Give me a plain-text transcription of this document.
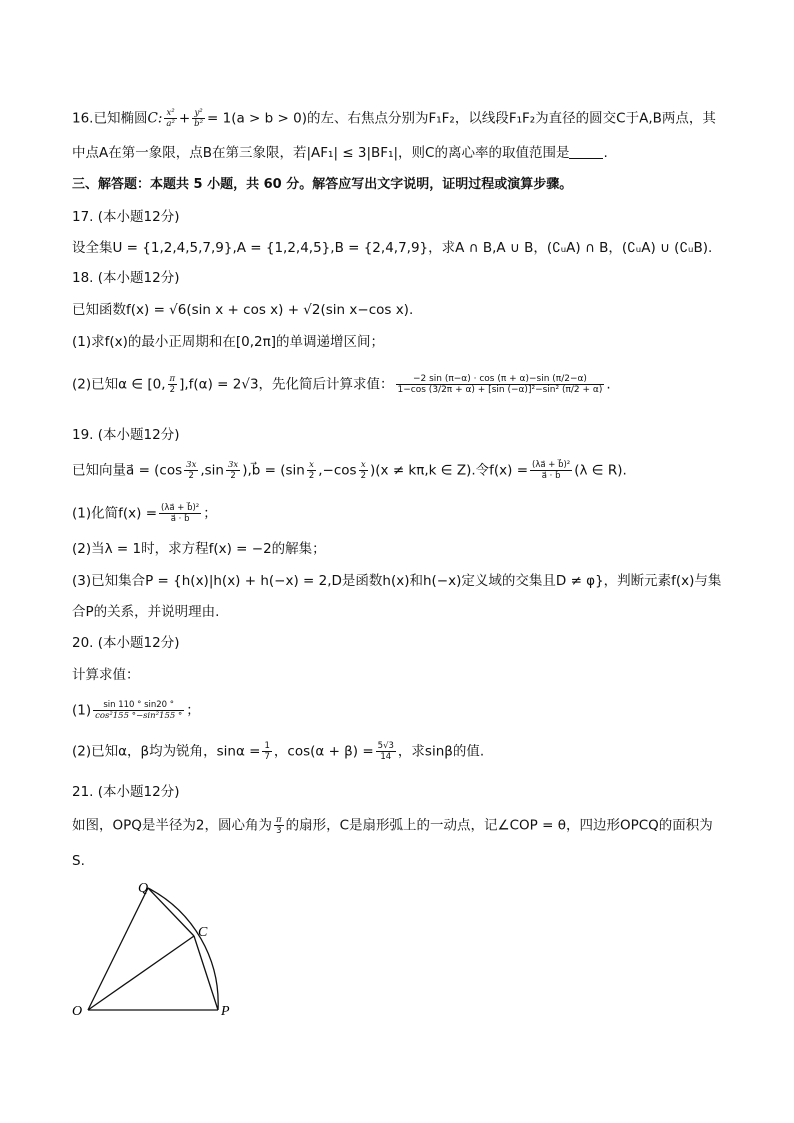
16.已知椭圆C: $\frac{\text{x²}}{\text{a²}} + \frac{\text{y²}}{\text{b²}} = 1(a > b > 0)$的左、右焦点分别为F₁F₂，以线段F₁F₂为直径的圆交C于A,B两点，其
中点A在第一象限，点B在第三象限，若|AF₁| ≤ 3|BF₁|，则C的离心率的取值范围是	.
三、解答题：本题共 5 小题，共 60 分。解答应写出文字说明，证明过程或演算步骤。
17. (本小题12分)
设全集U = {1,2,4,5,7,9},A = {1,2,4,5},B = {2,4,7,9}，求A ∩ B,A ∪ B，(∁ᵤA) ∩ B，(∁ᵤA) ∪ (∁ᵤB).
18. (本小题12分)
已知函数f(x) = √6(sin x + cos x) + √2(sin x−cos x).
(1)求f(x)的最小正周期和在[0,2π]的单调递增区间；
(2)已知α ∈ [0, $\frac{\pi}{2} ],f(\alpha) = 2√3$，先化简后计算求值： $\frac{-2 \sin (\pi-\alpha) \cdot \cos (\pi + \alpha)-\sin (\pi/2-\alpha)}{\text{1−cos (3/2π + α) + [sin (−α)]²−sin² (π/2 + α)}}$ .
19. (本小题12分)
已知向量a⃗ = ($\cos \frac{3x}{2} ,\sin \frac{3x}{2}$ ),b⃗ = $(\sin \frac{x}{2} ,-\cos \frac{x}{2} )(x \ne k\pi,k$ ∈ Z).令$f(x) = \frac{\text{(λa⃗ + b⃗)²}}{a⃗ \cdot b⃗} (\lambda$ ∈ R).
(1)化简$f(x) = \frac{\text{(λa⃗ + b⃗)²}}{a⃗ \cdot b⃗}$ ；
(2)当λ = 1时，求方程f(x) = −2的解集；
(3)已知集合P = {h(x)|h(x) + h(−x) = 2,D是函数h(x)和h(−x)定义域的交集且D ≠ φ}，判断元素f(x)与集
合P的关系，并说明理由.
20. (本小题12分)
计算求值：
$(1) \frac{\sin 110 ^\circ \sin 20 ^\circ}{\text{cos²155 °−sin²155 °}}$ ；
(2)已知α，β均为锐角，$\sin\alpha = \frac{1}{7}$ ，$\cos(\alpha + \beta) = \frac{5√3}{14}$ ，求sinβ的值.
21. (本小题12分)
如图，OPQ是半径为2，圆心角为 $\frac{\pi}{3}$ 的扇形，C是扇形弧上的一动点，记∠COP = θ，四边形OPCQ的面积为
S.
Q
C
O	P
